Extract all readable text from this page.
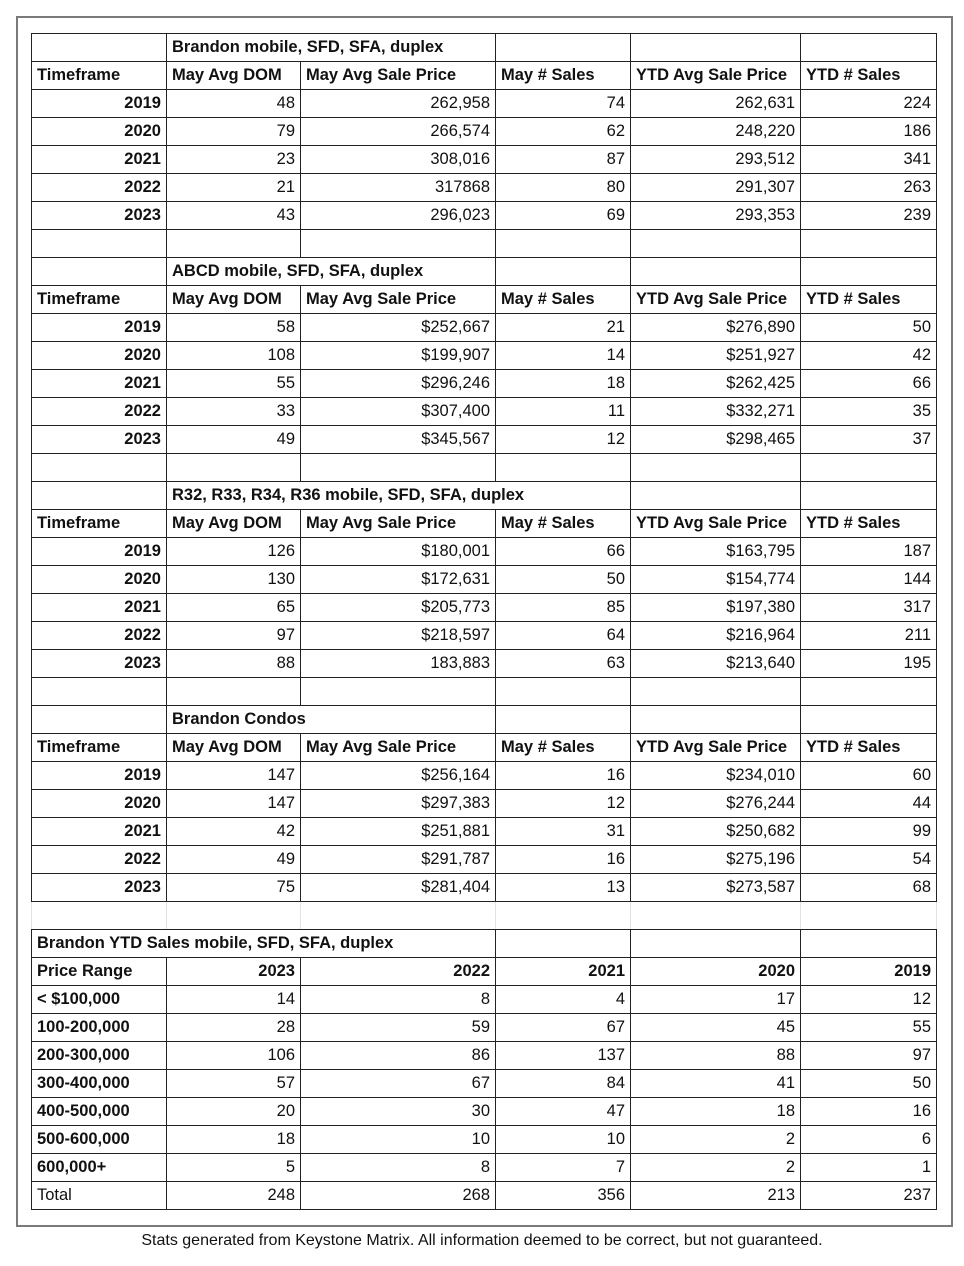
	Brandon mobile, SFD, SFA, duplex				
Timeframe	May Avg DOM	May Avg Sale Price	May # Sales	YTD Avg Sale Price	YTD # Sales
2019	48	262,958	74	262,631	224
2020	79	266,574	62	248,220	186
2021	23	308,016	87	293,512	341
2022	21	317868	80	291,307	263
2023	43	296,023	69	293,353	239

	ABCD mobile, SFD, SFA, duplex				
Timeframe	May Avg DOM	May Avg Sale Price	May # Sales	YTD Avg Sale Price	YTD # Sales
2019	58	$252,667	21	$276,890	50
2020	108	$199,907	14	$251,927	42
2021	55	$296,246	18	$262,425	66
2022	33	$307,400	11	$332,271	35
2023	49	$345,567	12	$298,465	37

	R32, R33, R34, R36 mobile, SFD, SFA, duplex				
Timeframe	May Avg DOM	May Avg Sale Price	May # Sales	YTD Avg Sale Price	YTD # Sales
2019	126	$180,001	66	$163,795	187
2020	130	$172,631	50	$154,774	144
2021	65	$205,773	85	$197,380	317
2022	97	$218,597	64	$216,964	211
2023	88	183,883	63	$213,640	195

	Brandon Condos				
Timeframe	May Avg DOM	May Avg Sale Price	May # Sales	YTD Avg Sale Price	YTD # Sales
2019	147	$256,164	16	$234,010	60
2020	147	$297,383	12	$276,244	44
2021	42	$251,881	31	$250,682	99
2022	49	$291,787	16	$275,196	54
2023	75	$281,404	13	$273,587	68

Brandon YTD Sales mobile, SFD, SFA, duplex					
Price Range	2023	2022	2021	2020	2019
< $100,000	14	8	4	17	12
100-200,000	28	59	67	45	55
200-300,000	106	86	137	88	97
300-400,000	57	67	84	41	50
400-500,000	20	30	47	18	16
500-600,000	18	10	10	2	6
600,000+	5	8	7	2	1
Total	248	268	356	213	237
Stats generated from Keystone Matrix. All information deemed to be correct, but not guaranteed.
